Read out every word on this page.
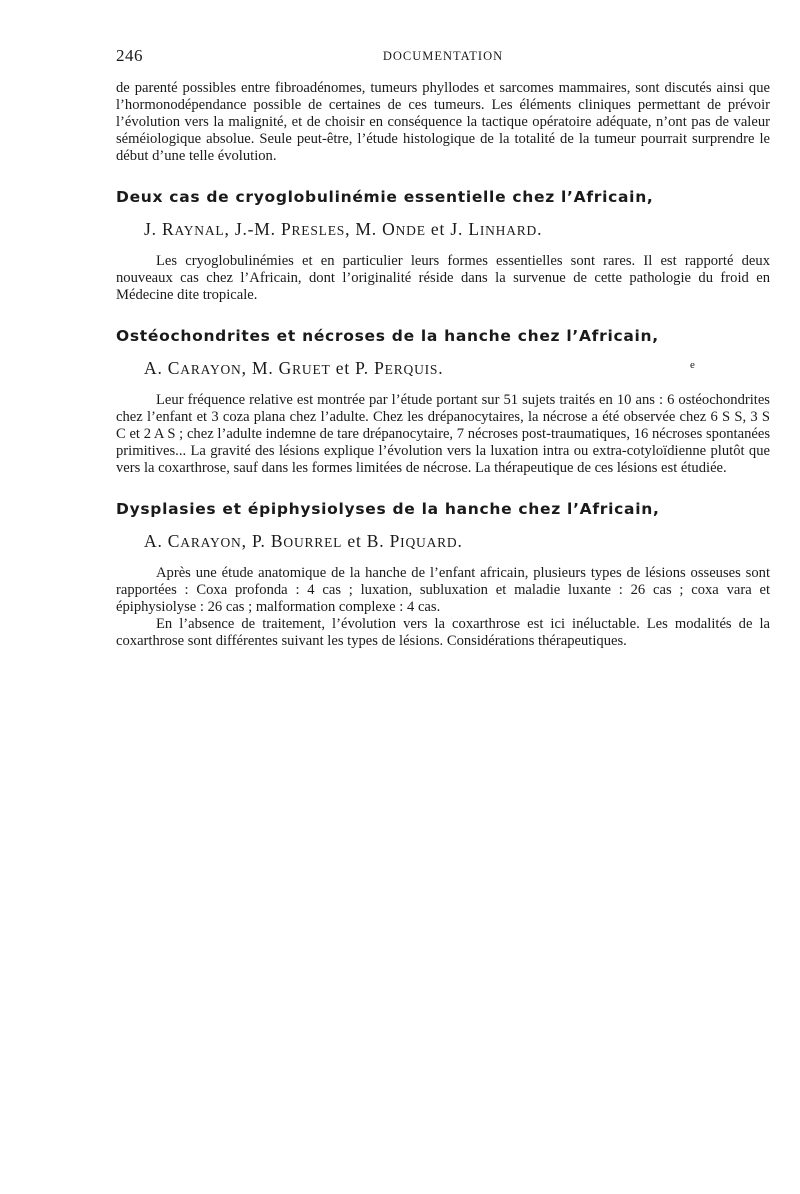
246	DOCUMENTATION

de parenté possibles entre fibroadénomes, tumeurs phyllodes et sarcomes mammaires, sont discutés ainsi que l’hormonodépendance possible de certaines de ces tumeurs. Les éléments cliniques permettant de prévoir l’évolution vers la malignité, et de choisir en conséquence la tactique opératoire adéquate, n’ont pas de valeur séméiologique absolue. Seule peut-être, l’étude histologique de la totalité de la tumeur pourrait surprendre le début d’une telle évolution.

Deux cas de cryoglobulinémie essentielle chez l’Africain,
J. RAYNAL, J.-M. PRESLES, M. ONDE et J. LINHARD.

Les cryoglobulinémies et en particulier leurs formes essentielles sont rares. Il est rapporté deux nouveaux cas chez l’Africain, dont l’originalité réside dans la survenue de cette pathologie du froid en Médecine dite tropicale.

Ostéochondrites et nécroses de la hanche chez l’Africain,
A. CARAYON, M. GRUET et P. PERQUIS.	e

Leur fréquence relative est montrée par l’étude portant sur 51 sujets traités en 10 ans : 6 ostéochondrites chez l’enfant et 3 coza plana chez l’adulte. Chez les drépanocytaires, la nécrose a été observée chez 6 S S, 3 S C et 2 A S ; chez l’adulte indemne de tare drépanocytaire, 7 nécroses post-traumatiques, 16 nécroses spontanées primitives... La gravité des lésions explique l’évolution vers la luxation intra ou extra-cotyloïdienne plutôt que vers la coxarthrose, sauf dans les formes limitées de nécrose. La thérapeutique de ces lésions est étudiée.

Dysplasies et épiphysiolyses de la hanche chez l’Africain,
A. CARAYON, P. BOURREL et B. PIQUARD.

Après une étude anatomique de la hanche de l’enfant africain, plusieurs types de lésions osseuses sont rapportées : Coxa profonda : 4 cas ; luxation, subluxation et maladie luxante : 26 cas ; coxa vara et épiphysiolyse : 26 cas ; malformation complexe : 4 cas.

En l’absence de traitement, l’évolution vers la coxarthrose est ici inéluctable. Les modalités de la coxarthrose sont différentes suivant les types de lésions. Considérations thérapeutiques.
